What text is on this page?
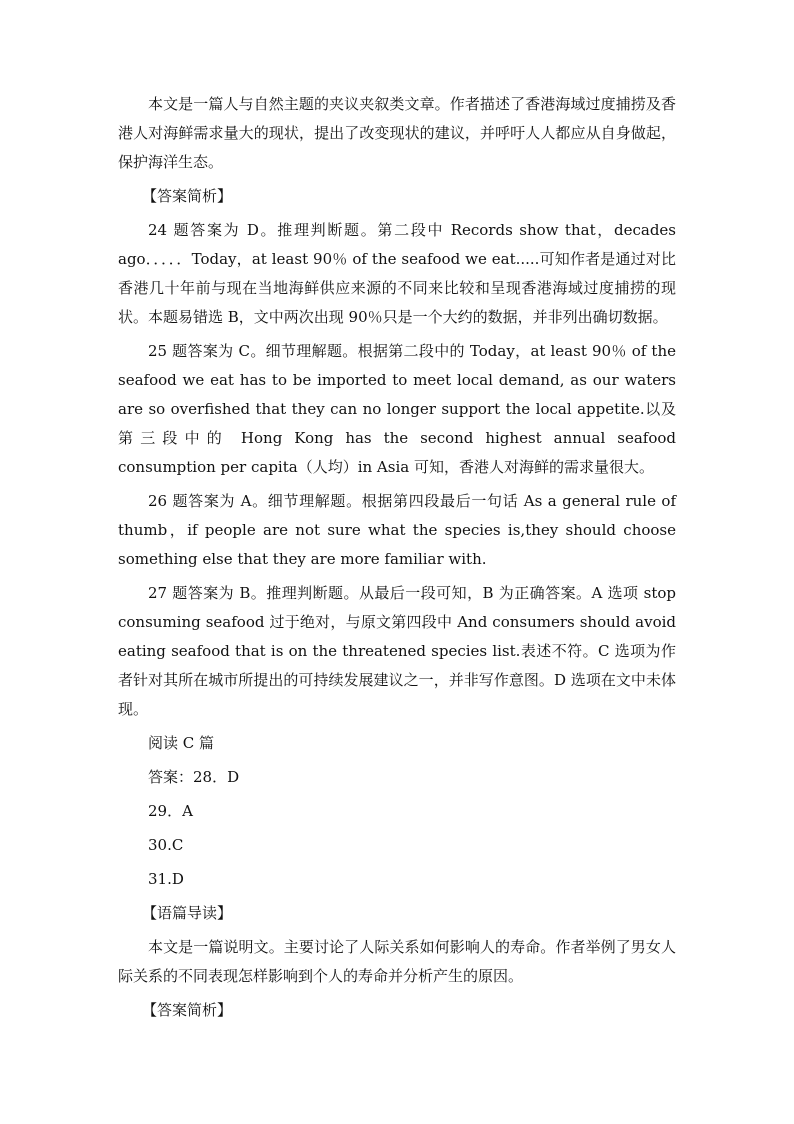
本文是一篇人与自然主题的夹议夹叙类文章。作者描述了香港海域过度捕捞及香港人对海鲜需求量大的现状，提出了改变现状的建议，并呼吁人人都应从自身做起，保护海洋生态。

【答案简析】

24 题答案为 D。推理判断题。第二段中 Records show that，decades ago．．．．．Today，at least 90％ of the seafood we eat.....可知作者是通过对比香港几十年前与现在当地海鲜供应来源的不同来比较和呈现香港海域过度捕捞的现状。本题易错选 B，文中两次出现 90％只是一个大约的数据，并非列出确切数据。

25 题答案为 C。细节理解题。根据第二段中的 Today，at least 90％ of the seafood we eat has to be imported to meet local demand, as our waters are so overfished that they can no longer support the local appetite.以及第三段中的 Hong Kong has the second highest annual seafood consumption per capita（人均）in Asia 可知，香港人对海鲜的需求量很大。

26 题答案为 A。细节理解题。根据第四段最后一句话 As a general rule of thumb，if people are not sure what the species is,they should choose something else that they are more familiar with.

27 题答案为 B。推理判断题。从最后一段可知，B 为正确答案。A 选项 stop consuming seafood 过于绝对，与原文第四段中 And consumers should avoid eating seafood that is on the threatened species list.表述不符。C 选项为作者针对其所在城市所提出的可持续发展建议之一，并非写作意图。D 选项在文中未体现。

阅读 C 篇

答案：28．D

29．A

30.C

31.D

【语篇导读】

本文是一篇说明文。主要讨论了人际关系如何影响人的寿命。作者举例了男女人际关系的不同表现怎样影响到个人的寿命并分析产生的原因。

【答案简析】
